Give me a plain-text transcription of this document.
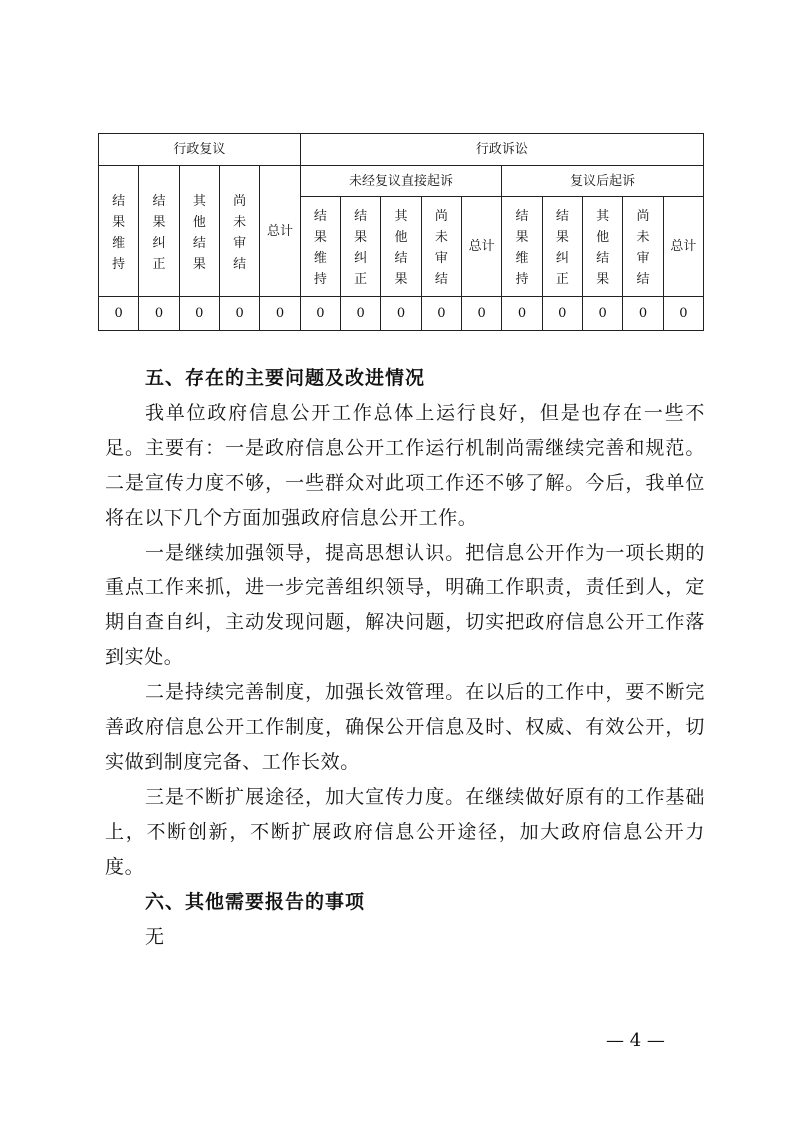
行政复议					行政诉讼									

结果维持	结果纠正	其他结果	尚未审结	总计	未经复议直接起诉					复议后起诉				

					结果维持	结果纠正	其他结果	尚未审结	总计	结果维持	结果纠正	其他结果	尚未审结	总计
0	0	0	0	0	0	0	0	0	0	0	0	0	0	0

五、存在的主要问题及改进情况

我单位政府信息公开工作总体上运行良好，但是也存在一些不足。主要有：一是政府信息公开工作运行机制尚需继续完善和规范。二是宣传力度不够，一些群众对此项工作还不够了解。今后，我单位将在以下几个方面加强政府信息公开工作。

一是继续加强领导，提高思想认识。把信息公开作为一项长期的重点工作来抓，进一步完善组织领导，明确工作职责，责任到人，定期自查自纠，主动发现问题，解决问题，切实把政府信息公开工作落到实处。

二是持续完善制度，加强长效管理。在以后的工作中，要不断完善政府信息公开工作制度，确保公开信息及时、权威、有效公开，切实做到制度完备、工作长效。

三是不断扩展途径，加大宣传力度。在继续做好原有的工作基础上，不断创新，不断扩展政府信息公开途径，加大政府信息公开力度。

六、其他需要报告的事项

无

— 4 —
